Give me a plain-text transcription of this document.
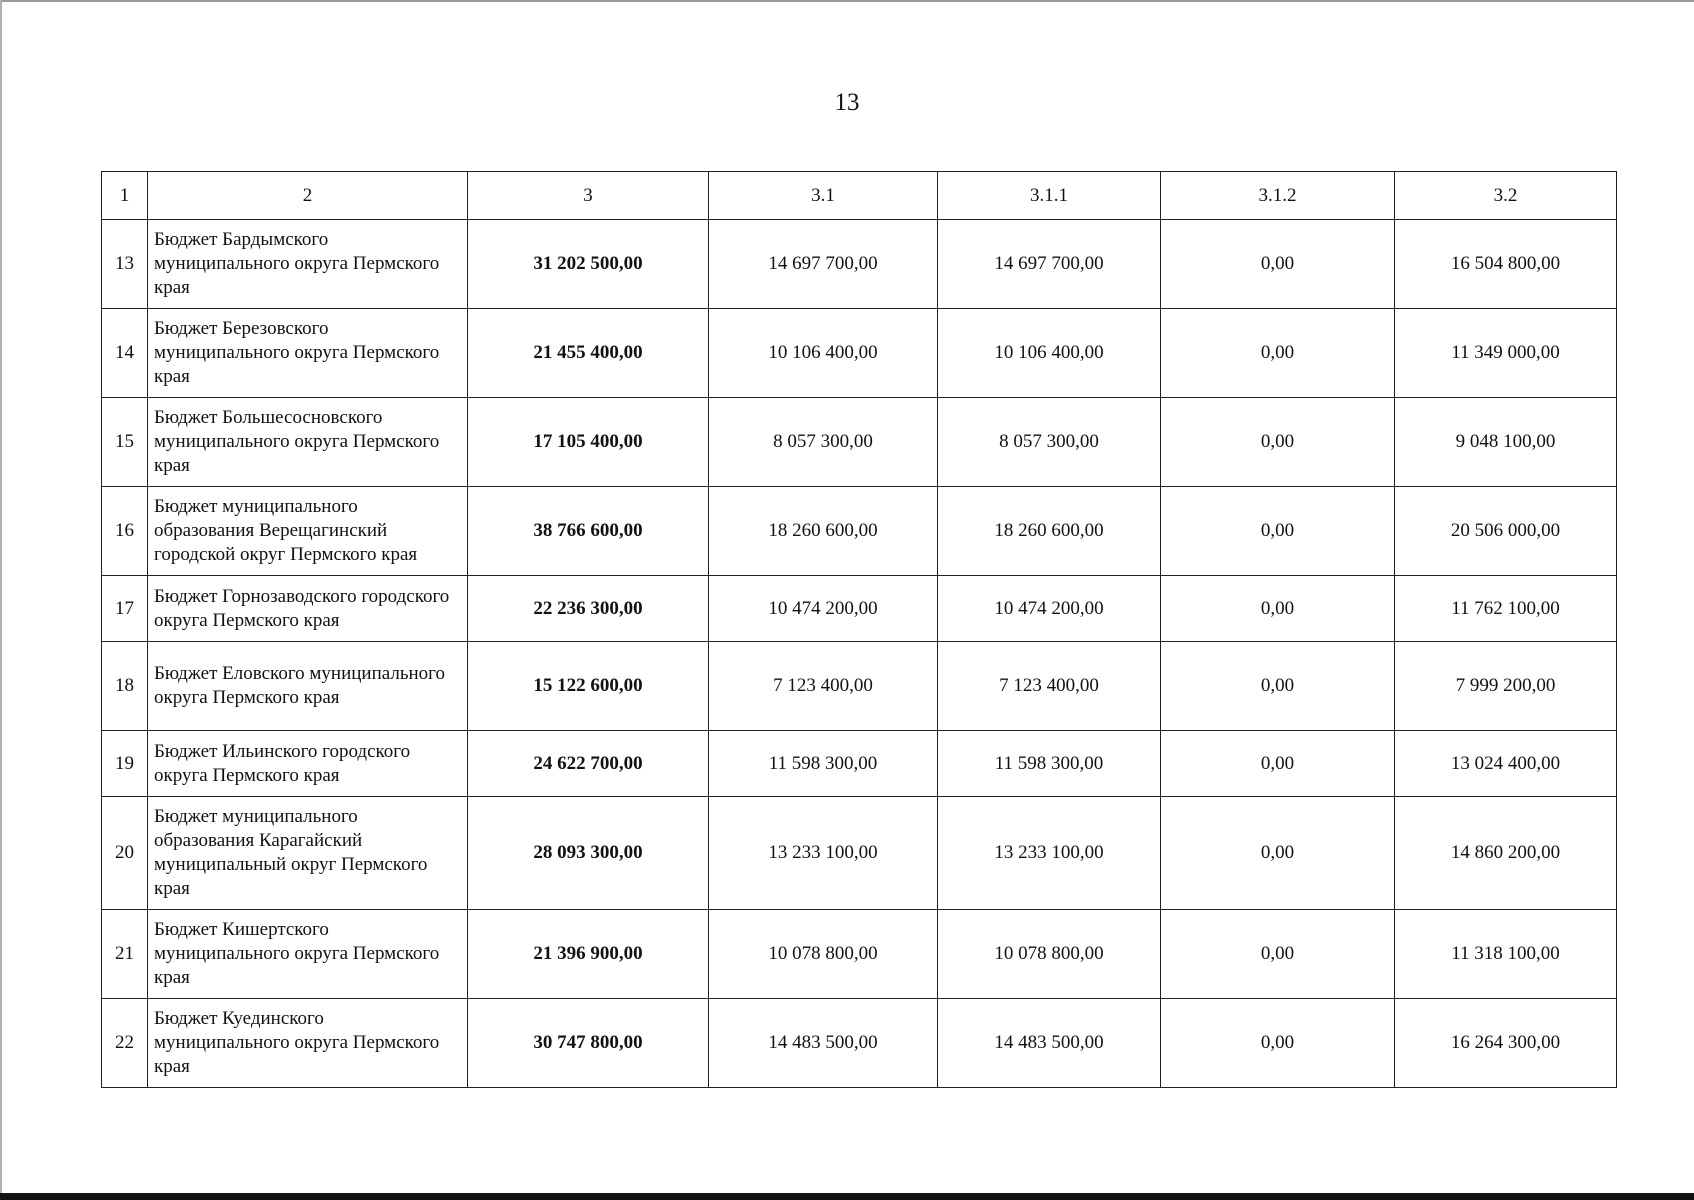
13
1	2	3	3.1	3.1.1	3.1.2	3.2
13	Бюджет Бардымского муниципального округа Пермского края	31 202 500,00	14 697 700,00	14 697 700,00	0,00	16 504 800,00
14	Бюджет Березовского муниципального округа Пермского края	21 455 400,00	10 106 400,00	10 106 400,00	0,00	11 349 000,00
15	Бюджет Большесосновского муниципального округа Пермского края	17 105 400,00	8 057 300,00	8 057 300,00	0,00	9 048 100,00
16	Бюджет муниципального образования Верещагинский городской округ Пермского края	38 766 600,00	18 260 600,00	18 260 600,00	0,00	20 506 000,00
17	Бюджет Горнозаводского городского округа Пермского края	22 236 300,00	10 474 200,00	10 474 200,00	0,00	11 762 100,00
18	Бюджет Еловского муниципального округа Пермского края	15 122 600,00	7 123 400,00	7 123 400,00	0,00	7 999 200,00
19	Бюджет Ильинского городского округа Пермского края	24 622 700,00	11 598 300,00	11 598 300,00	0,00	13 024 400,00
20	Бюджет муниципального образования Карагайский муниципальный округ Пермского края	28 093 300,00	13 233 100,00	13 233 100,00	0,00	14 860 200,00
21	Бюджет Кишертского муниципального округа Пермского края	21 396 900,00	10 078 800,00	10 078 800,00	0,00	11 318 100,00
22	Бюджет Куединского муниципального округа Пермского края	30 747 800,00	14 483 500,00	14 483 500,00	0,00	16 264 300,00
